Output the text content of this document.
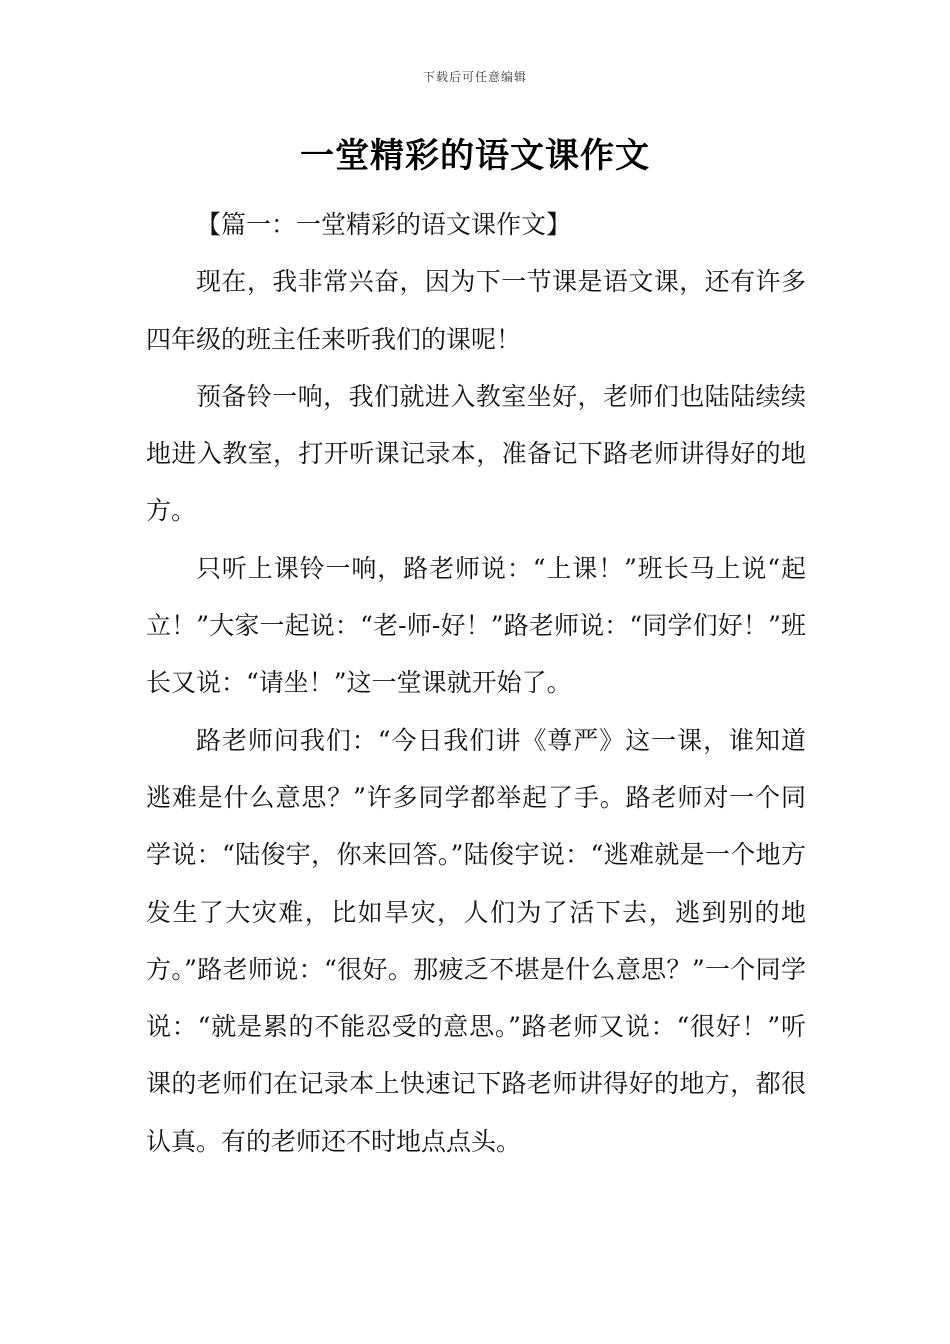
下载后可任意编辑
一堂精彩的语文课作文

【篇一：一堂精彩的语文课作文】

现在，我非常兴奋，因为下一节课是语文课，还有许多四年级的班主任来听我们的课呢！

预备铃一响，我们就进入教室坐好，老师们也陆陆续续地进入教室，打开听课记录本，准备记下路老师讲得好的地方。

只听上课铃一响，路老师说：“上课！”班长马上说“起立！”大家一起说：“老-师-好！”路老师说：“同学们好！”班长又说：“请坐！”这一堂课就开始了。

路老师问我们：“今日我们讲《尊严》这一课，谁知道逃难是什么意思？”许多同学都举起了手。路老师对一个同学说：“陆俊宇，你来回答。”陆俊宇说：“逃难就是一个地方发生了大灾难，比如旱灾，人们为了活下去，逃到别的地方。”路老师说：“很好。那疲乏不堪是什么意思？”一个同学说：“就是累的不能忍受的意思。”路老师又说：“很好！”听课的老师们在记录本上快速记下路老师讲得好的地方，都很认真。有的老师还不时地点点头。
